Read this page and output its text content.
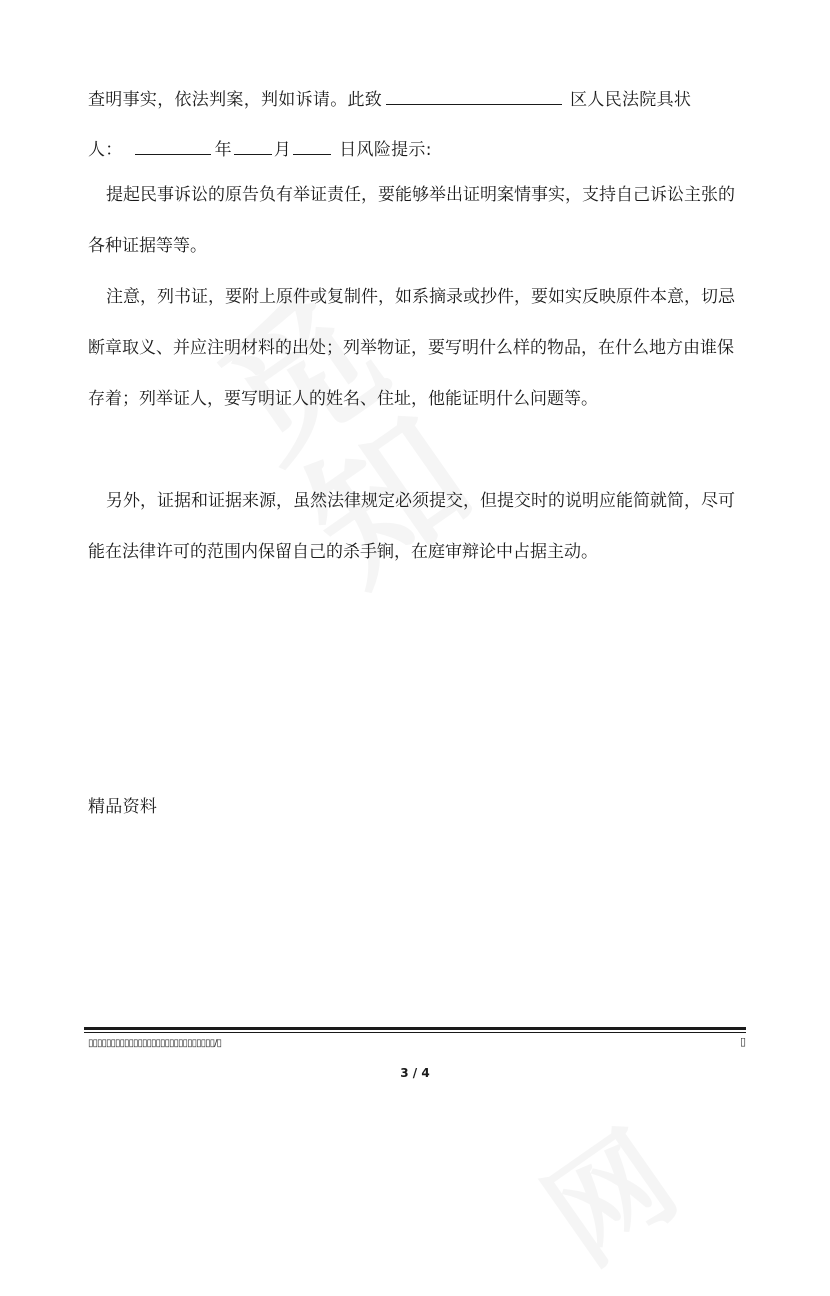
查明事实，依法判案，判如诉请。此致	区人民法院具状
人：	年 月	日风险提示:

提起民事诉讼的原告负有举证责任，要能够举出证明案情事实，支持自己诉讼主张的各种证据等等。

注意，列书证，要附上原件或复制件，如系摘录或抄件，要如实反映原件本意，切忌断章取义、并应注明材料的出处；列举物证，要写明什么样的物品，在什么地方由谁保存着；列举证人，要写明证人的姓名、住址，他能证明什么问题等。

另外，证据和证据来源，虽然法律规定必须提交，但提交时的说明应能简就简，尽可能在法律许可的范围内保留自己的杀手锏，在庭审辩论中占据主动。

精品资料
▯▯▯▯▯▯▯▯▯▯▯▯▯▯▯▯▯▯▯▯▯▯▯▯▯▯▯▯/▯	▯
3 / 4
